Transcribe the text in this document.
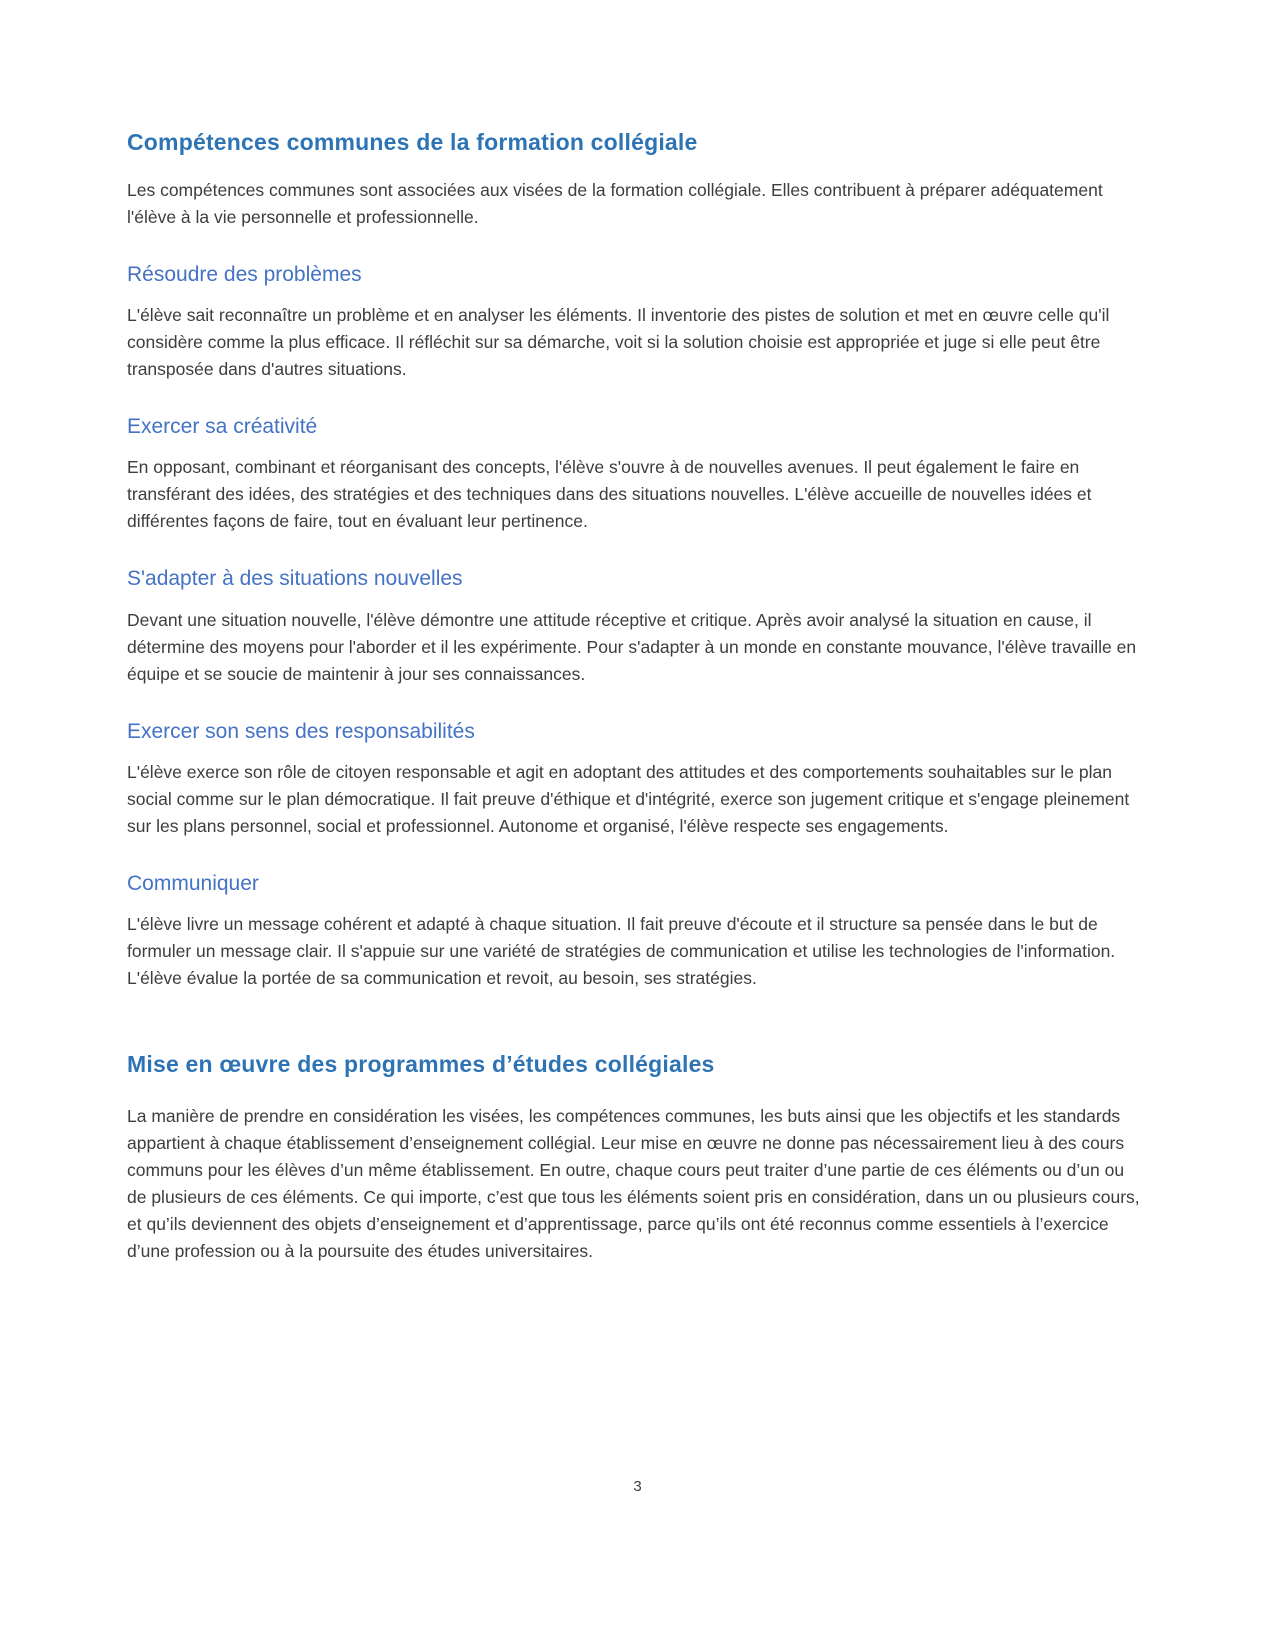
Compétences communes de la formation collégiale

Les compétences communes sont associées aux visées de la formation collégiale. Elles contribuent à préparer adéquatement l'élève à la vie personnelle et professionnelle.

Résoudre des problèmes

L'élève sait reconnaître un problème et en analyser les éléments. Il inventorie des pistes de solution et met en œuvre celle qu'il considère comme la plus efficace. Il réfléchit sur sa démarche, voit si la solution choisie est appropriée et juge si elle peut être transposée dans d'autres situations.

Exercer sa créativité

En opposant, combinant et réorganisant des concepts, l'élève s'ouvre à de nouvelles avenues. Il peut également le faire en transférant des idées, des stratégies et des techniques dans des situations nouvelles. L'élève accueille de nouvelles idées et différentes façons de faire, tout en évaluant leur pertinence.

S'adapter à des situations nouvelles

Devant une situation nouvelle, l'élève démontre une attitude réceptive et critique. Après avoir analysé la situation en cause, il détermine des moyens pour l'aborder et il les expérimente. Pour s'adapter à un monde en constante mouvance, l'élève travaille en équipe et se soucie de maintenir à jour ses connaissances.

Exercer son sens des responsabilités

L'élève exerce son rôle de citoyen responsable et agit en adoptant des attitudes et des comportements souhaitables sur le plan social comme sur le plan démocratique. Il fait preuve d'éthique et d'intégrité, exerce son jugement critique et s'engage pleinement sur les plans personnel, social et professionnel. Autonome et organisé, l'élève respecte ses engagements.

Communiquer

L'élève livre un message cohérent et adapté à chaque situation. Il fait preuve d'écoute et il structure sa pensée dans le but de formuler un message clair. Il s'appuie sur une variété de stratégies de communication et utilise les technologies de l'information. L'élève évalue la portée de sa communication et revoit, au besoin, ses stratégies.

Mise en œuvre des programmes d’études collégiales

La manière de prendre en considération les visées, les compétences communes, les buts ainsi que les objectifs et les standards appartient à chaque établissement d’enseignement collégial. Leur mise en œuvre ne donne pas nécessairement lieu à des cours communs pour les élèves d’un même établissement. En outre, chaque cours peut traiter d’une partie de ces éléments ou d’un ou de plusieurs de ces éléments. Ce qui importe, c’est que tous les éléments soient pris en considération, dans un ou plusieurs cours, et qu’ils deviennent des objets d’enseignement et d’apprentissage, parce qu’ils ont été reconnus comme essentiels à l’exercice d’une profession ou à la poursuite des études universitaires.

3
